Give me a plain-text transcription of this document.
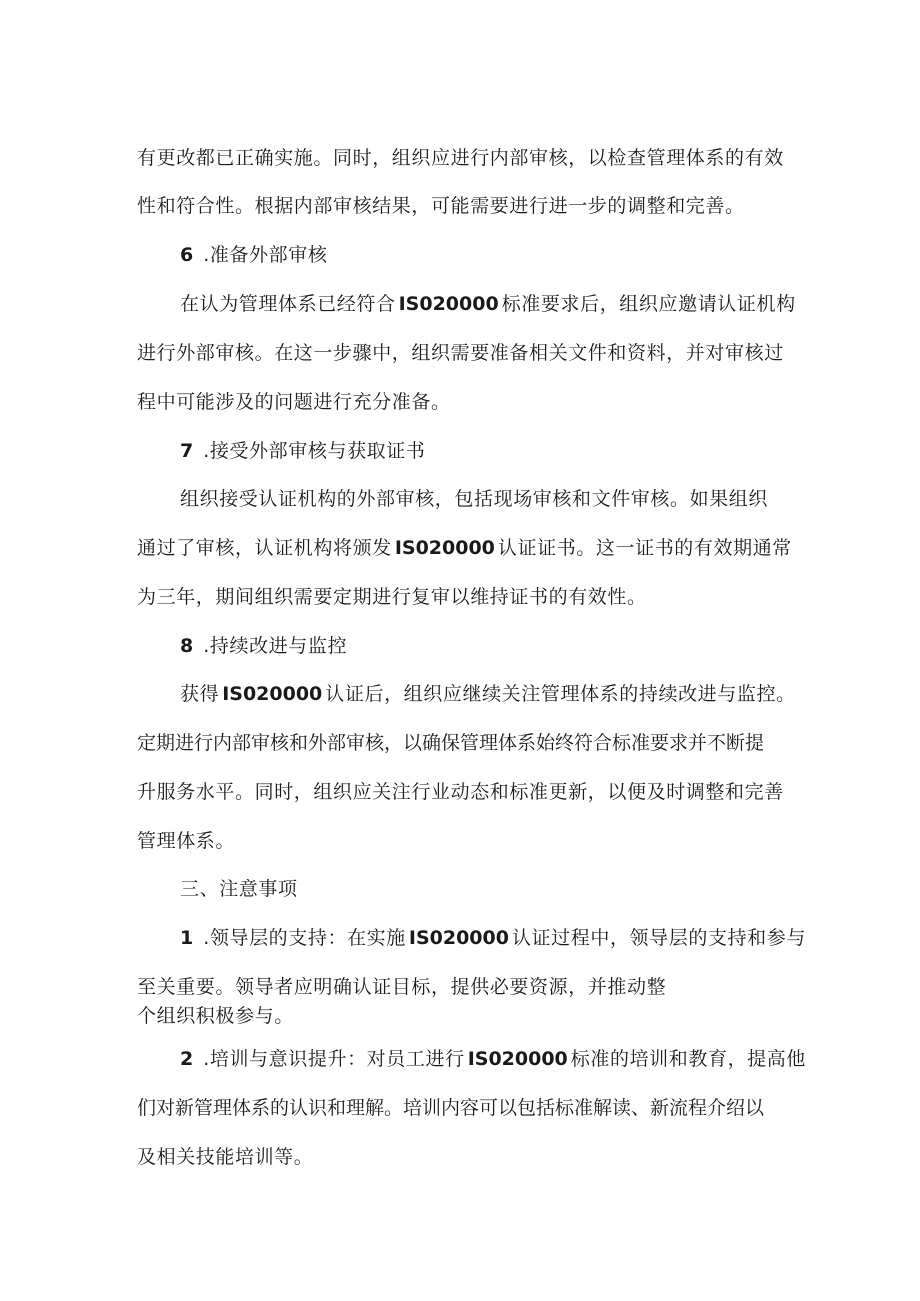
有更改都已正确实施。同时，组织应进行内部审核，以检查管理体系的有效
性和符合性。根据内部审核结果，可能需要进行进一步的调整和完善。
6 .准备外部审核
在认为管理体系已经符合 IS020000 标准要求后，组织应邀请认证机构
进行外部审核。在这一步骤中，组织需要准备相关文件和资料，并对审核过
程中可能涉及的问题进行充分准备。
7 .接受外部审核与获取证书
组织接受认证机构的外部审核，包括现场审核和文件审核。如果组织
通过了审核，认证机构将颁发 IS020000 认证证书。这一证书的有效期通常
为三年，期间组织需要定期进行复审以维持证书的有效性。
8 .持续改进与监控
获得 IS020000 认证后，组织应继续关注管理体系的持续改进与监控。
定期进行内部审核和外部审核，以确保管理体系始终符合标准要求并不断提
升服务水平。同时，组织应关注行业动态和标准更新，以便及时调整和完善
管理体系。
三、注意事项
1 .领导层的支持：在实施 IS020000 认证过程中，领导层的支持和参与
至关重要。领导者应明确认证目标，提供必要资源，并推动整
个组织积极参与。
2 .培训与意识提升：对员工进行 IS020000 标准的培训和教育，提高他
们对新管理体系的认识和理解。培训内容可以包括标准解读、新流程介绍以
及相关技能培训等。
